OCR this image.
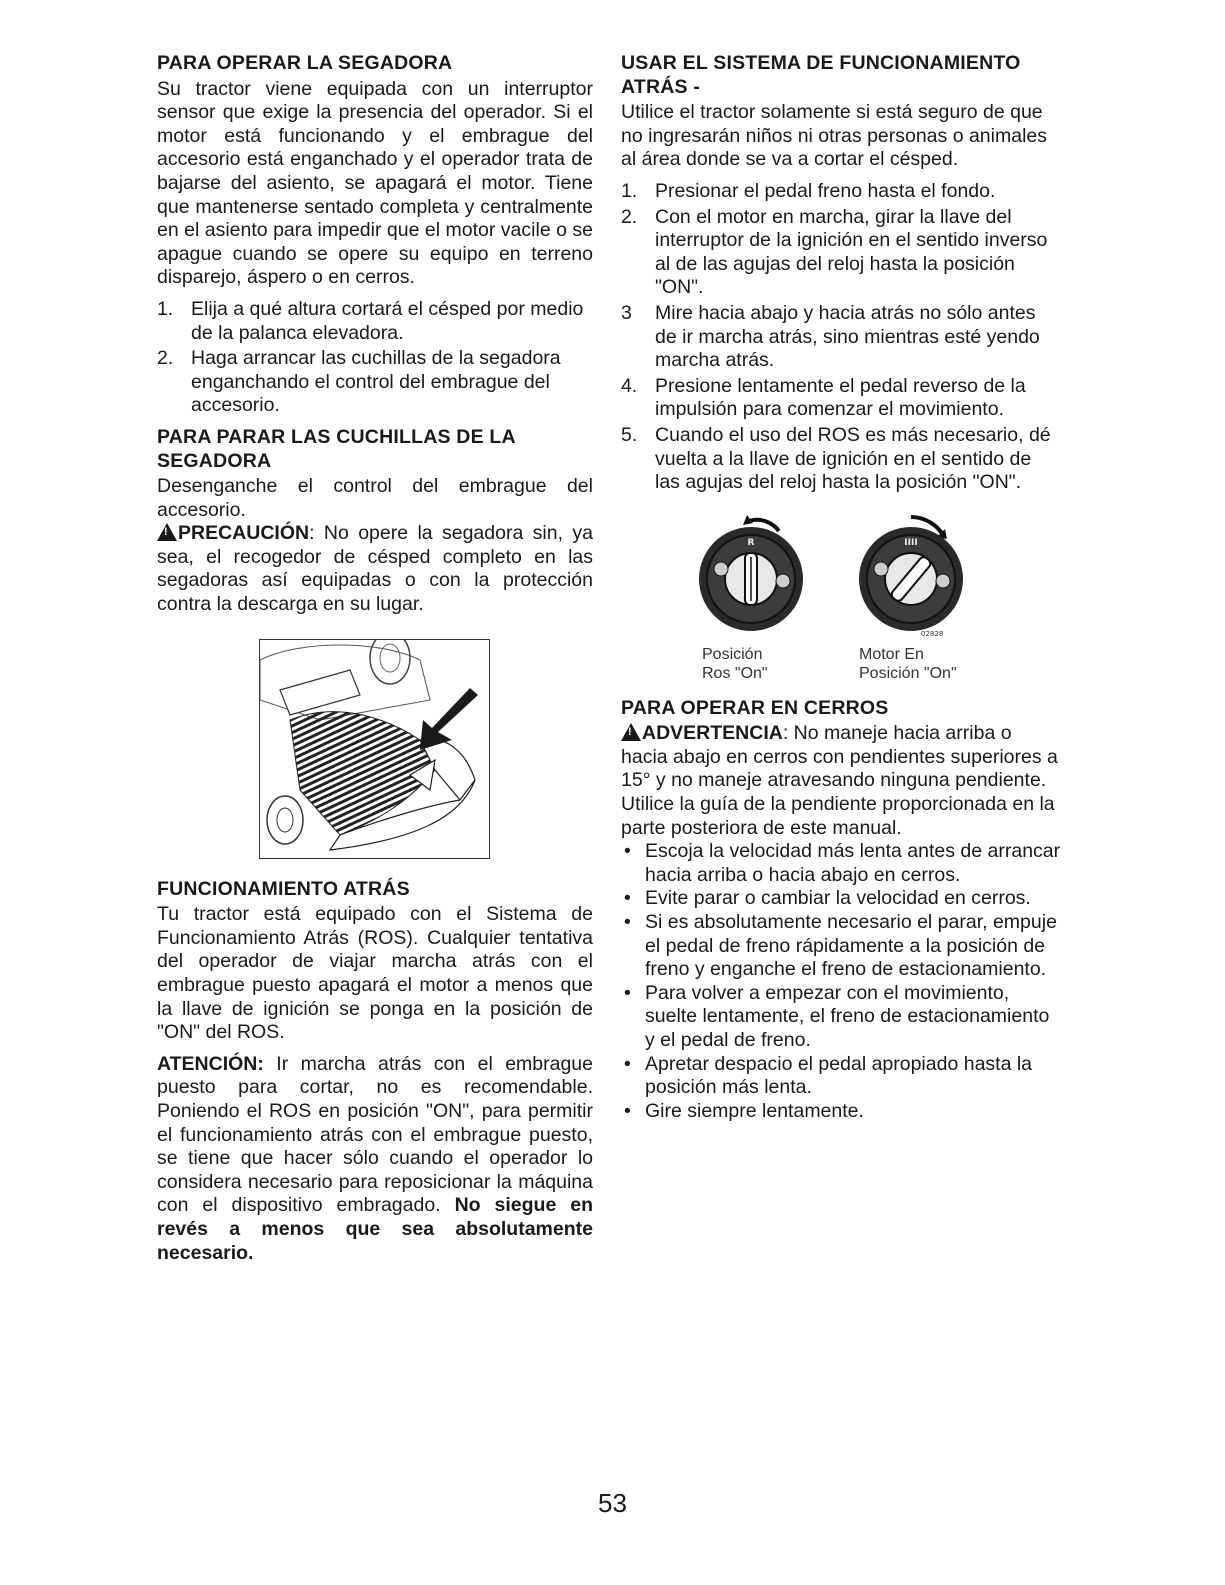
PARA OPERAR LA SEGADORA

Su tractor viene equipada con un interruptor sensor que exige la presencia del operador. Si el motor está funcionando y el embrague del accesorio está enganchado y el operador trata de bajarse del asiento, se apagará el motor. Tiene que mantenerse sentado completa y centralmente en el asiento para impedir que el motor vacile o se apague cuando se opere su equipo en terreno disparejo, áspero o en cerros.

1. Elija a qué altura cortará el césped por medio de la palanca elevadora.
2. Haga arrancar las cuchillas de la segadora enganchando el control del embrague del accesorio.
PARA PARAR LAS CUCHILLAS DE LA SEGADORA

Desenganche el control del embrague del accesorio.

!PRECAUCIÓN: No opere la segadora sin, ya sea, el recogedor de césped completo en las segadoras así equipadas o con la protección contra la descarga en su lugar.

FUNCIONAMIENTO ATRÁS

Tu tractor está equipado con el Sistema de Funcionamiento Atrás (ROS). Cualquier tentativa del operador de viajar marcha atrás con el embrague puesto apagará el motor a menos que la llave de ignición se ponga en la posición de "ON" del ROS.

ATENCIÓN: Ir marcha atrás con el embrague puesto para cortar, no es recomendable. Poniendo el ROS en posición "ON", para permitir el funcionamiento atrás con el embrague puesto, se tiene que hacer sólo cuando el operador lo considera necesario para reposicionar la máquina con el dispositivo embragado. No siegue en revés a menos que sea absolutamente necesario.

USAR EL SISTEMA DE FUNCIONAMIENTO ATRÁS -

Utilice el tractor solamente si está seguro de que no ingresarán niños ni otras personas o animales al área donde se va a cortar el césped.

1. Presionar el pedal freno hasta el fondo.
2. Con el motor en marcha, girar la llave del interruptor de la ignición en el sentido inverso al de las agujas del reloj hasta la posición "ON".
3 Mire hacia abajo y hacia atrás no sólo antes de ir marcha atrás, sino mientras esté yendo marcha atrás.
4. Presione lentamente el pedal reverso de la impulsión para comenzar el movimiento.
5. Cuando el uso del ROS es más necesario, dé vuelta a la llave de ignición en el sentido de las agujas del reloj hasta la posición "ON".
R
Posición
Ros "On"
IIII
02828
Motor En
Posición "On"
PARA OPERAR EN CERROS

!ADVERTENCIA: No maneje hacia arriba o hacia abajo en cerros con pendientes superiores a 15° y no maneje atravesando ninguna pendiente. Utilice la guía de la pendiente proporcionada en la parte posteriora de este manual.

• Escoja la velocidad más lenta antes de arrancar hacia arriba o hacia abajo en cerros.
• Evite parar o cambiar la velocidad en cerros.
• Si es absolutamente necesario el parar, empuje el pedal de freno rápidamente a la posición de freno y enganche el freno de estacionamiento.
• Para volver a empezar con el movimiento, suelte lentamente, el freno de estacionamiento y el pedal de freno.
• Apretar despacio el pedal apropiado hasta la posición más lenta.
• Gire siempre lentamente.
53
